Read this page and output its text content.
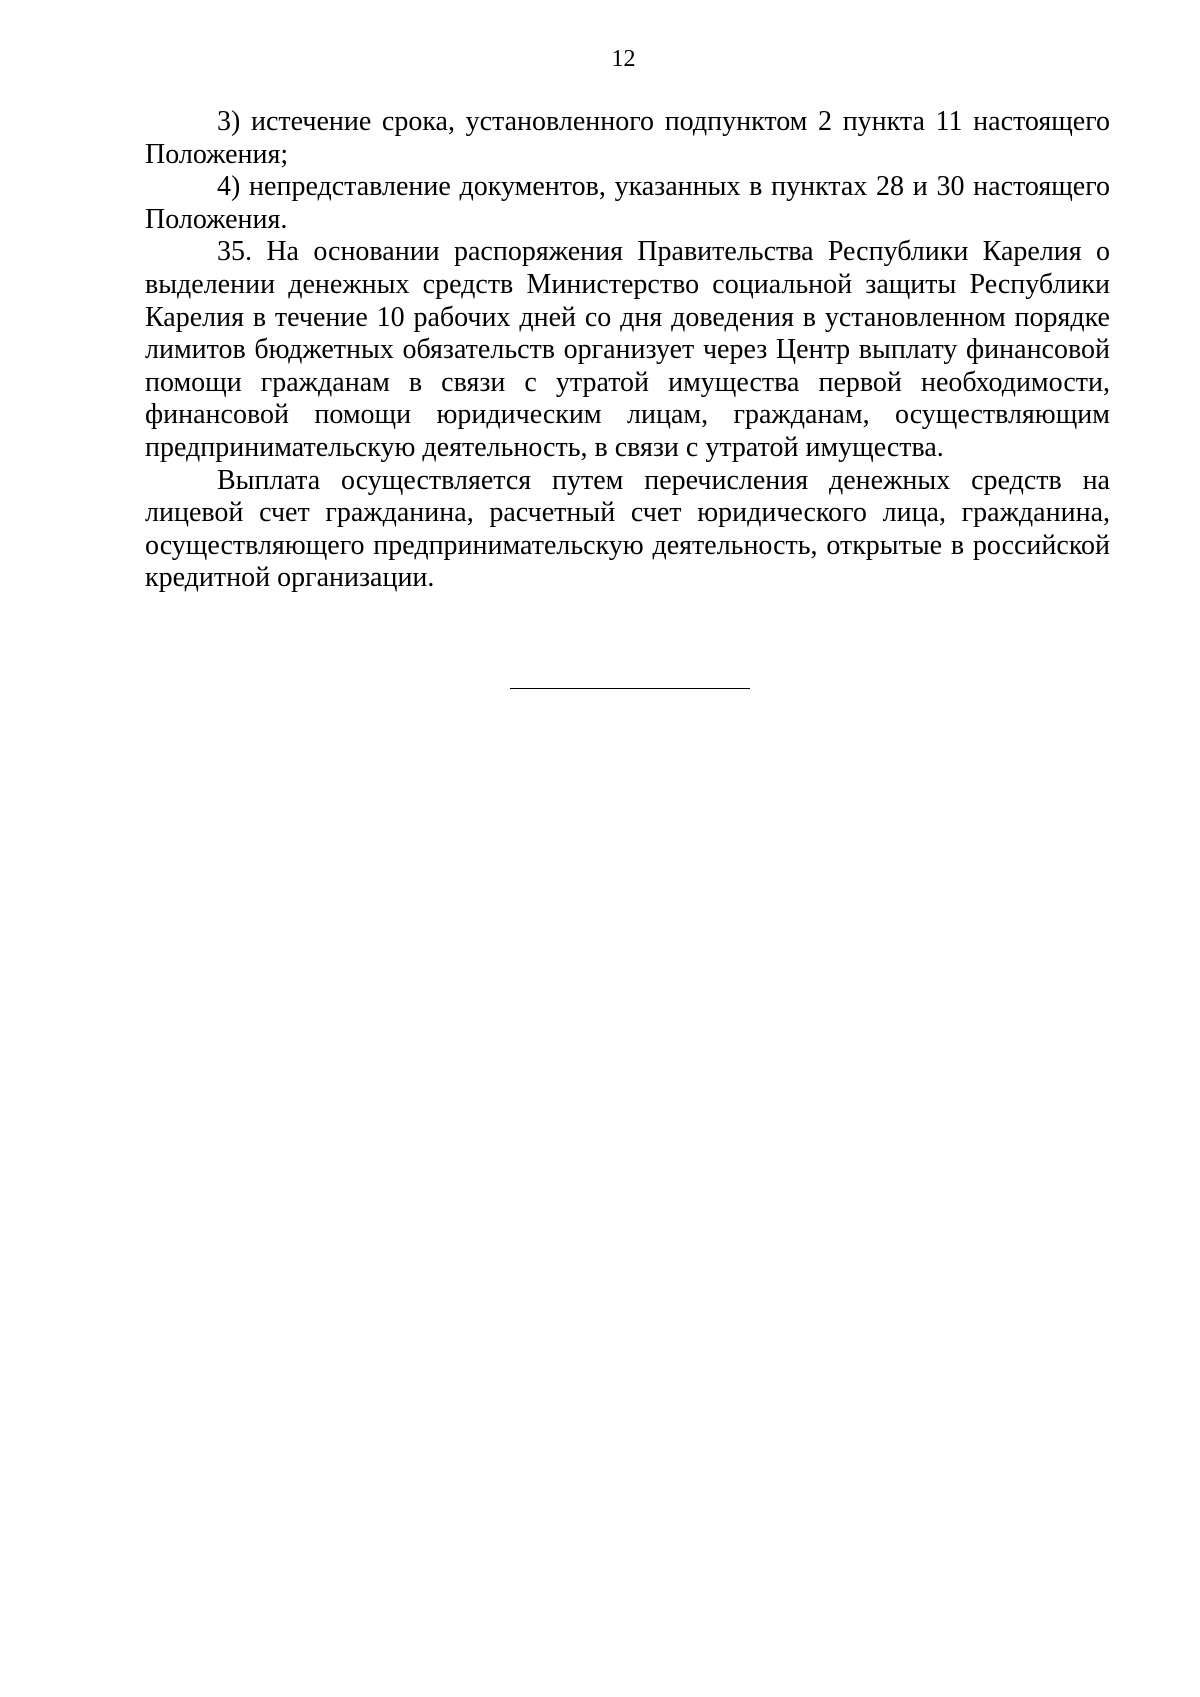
12

3) истечение срока, установленного подпунктом 2 пункта 11 настоящего Положения;

4) непредставление документов, указанных в пунктах 28 и 30 настоящего Положения.

35. На основании распоряжения Правительства Республики Карелия о выделении денежных средств Министерство социальной защиты Республики Карелия в течение 10 рабочих дней со дня доведения в установленном порядке лимитов бюджетных обязательств организует через Центр выплату финансовой помощи гражданам в связи с утратой имущества первой необходимости, финансовой помощи юридическим лицам, гражданам, осуществляющим предпринимательскую деятельность, в связи с утратой имущества.

Выплата осуществляется путем перечисления денежных средств на лицевой счет гражданина, расчетный счет юридического лица, гражданина, осуществляющего предпринимательскую деятельность, открытые в российской кредитной организации.
